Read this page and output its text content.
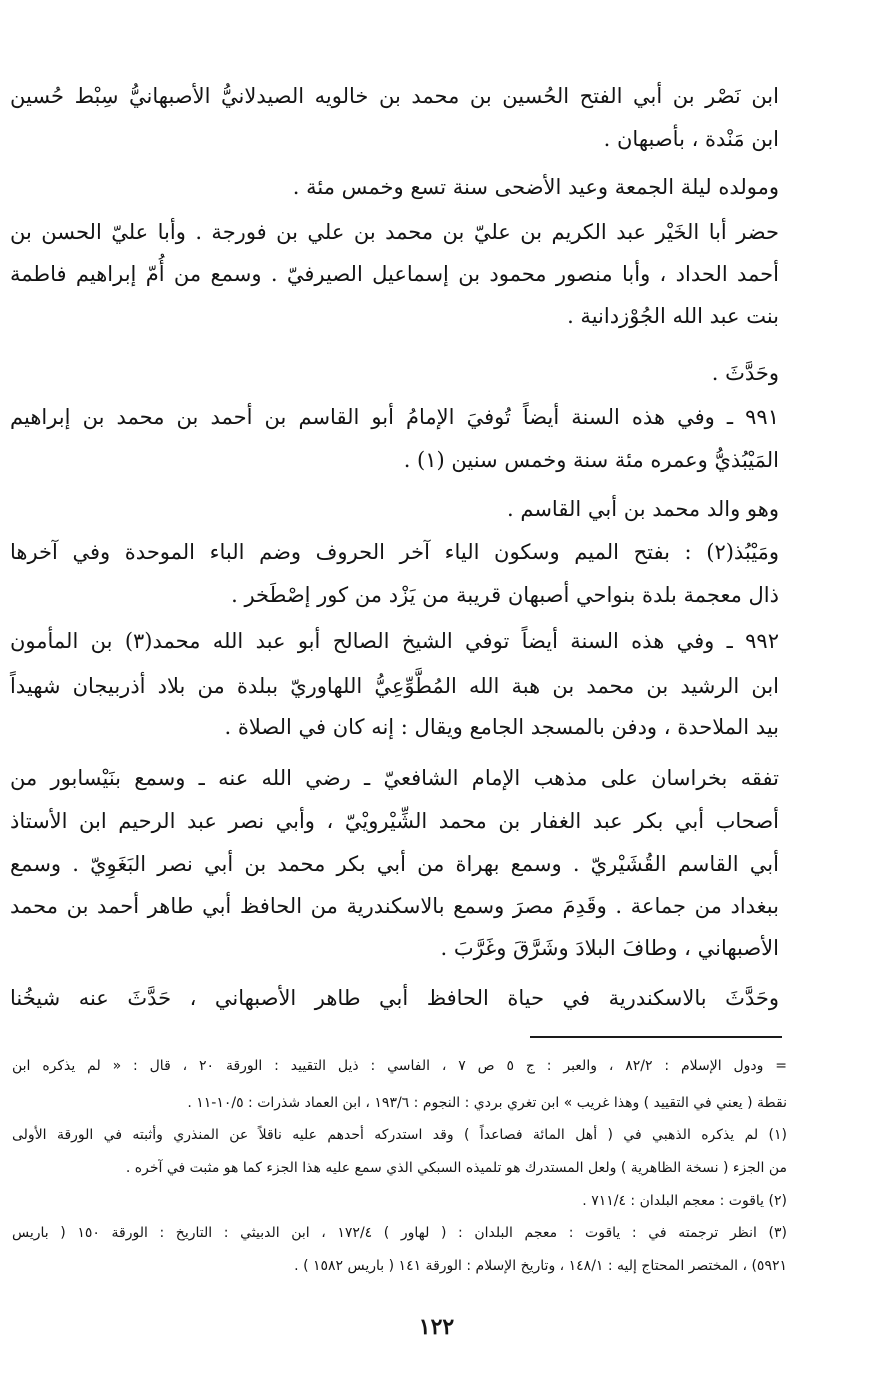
ابن نَصْر بن أبي الفتح الحُسين بن محمد بن خالويه الصيدلانيُّ الأصبهانيُّ سِبْط حُسين
ابن مَنْدة ، بأصبهان .
ومولده ليلة الجمعة وعيد الأضحى سنة تسع وخمس مئة .
حضر أبا الخَيْر عبد الكريم بن عليّ بن محمد بن علي بن فورجة . وأبا عليّ الحسن بن
أحمد الحداد ، وأبا منصور محمود بن إسماعيل الصيرفيّ . وسمع من أُمّ إبراهيم فاطمة
بنت عبد الله الجُوْزدانية .
وحَدَّثَ .
٩٩١ ـ وفي هذه السنة أيضاً تُوفيَ الإمامُ أبو القاسم بن أحمد بن محمد بن إبراهيم
المَيْبُذيُّ وعمره مئة سنة وخمس سنين (١) .
وهو والد محمد بن أبي القاسم .
ومَيْبُذ(٢) : بفتح الميم وسكون الياء آخر الحروف وضم الباء الموحدة وفي آخرها
ذال معجمة بلدة بنواحي أصبهان قريبة من يَزْد من كور إصْطَخر .
٩٩٢ ـ وفي هذه السنة أيضاً توفي الشيخ الصالح أبو عبد الله محمد(٣) بن المأمون
ابن الرشيد بن محمد بن هبة الله المُطَّوِّعِيُّ اللهاوريّ ببلدة من بلاد أذربيجان شهيداً
بيد الملاحدة ، ودفن بالمسجد الجامع ويقال : إنه كان في الصلاة .
تفقه بخراسان على مذهب الإمام الشافعيّ ـ رضي الله عنه ـ وسمع بنَيْسابور من
أصحاب أبي بكر عبد الغفار بن محمد الشِّيْرويْيّ ، وأبي نصر عبد الرحيم ابن الأستاذ
أبي القاسم القُشَيْريّ . وسمع بهراة من أبي بكر محمد بن أبي نصر البَغَوِيّ . وسمع
ببغداد من جماعة . وقَدِمَ مصرَ وسمع بالاسكندرية من الحافظ أبي طاهر أحمد بن محمد
الأصبهاني ، وطافَ البلادَ وشَرَّقَ وغَرَّبَ .
وحَدَّثَ بالاسكندرية في حياة الحافظ أبي طاهر الأصبهاني ، حَدَّثَ عنه شيخُنا
= ودول الإسلام : ٨٢/٢ ، والعبر : ج ٥ ص ٧ ، الفاسي : ذيل التقييد : الورقة ٢٠ ، قال : « لم يذكره ابن
نقطة ( يعني في التقييد ) وهذا غريب » ابن تغري بردي : النجوم : ١٩٣/٦ ، ابن العماد شذرات : ١٠/٥-١١ .
(١) لم يذكره الذهبي في ( أهل المائة فصاعداً ) وقد استدركه أحدهم عليه ناقلاً عن المنذري وأثبته في الورقة الأولى
من الجزء ( نسخة الظاهرية ) ولعل المستدرك هو تلميذه السبكي الذي سمع عليه هذا الجزء كما هو مثبت في آخره .
(٢) ياقوت : معجم البلدان : ٧١١/٤ .
(٣) انظر ترجمته في : ياقوت : معجم البلدان : ( لهاور ) ١٧٢/٤ ، ابن الدبيثي : التاريخ : الورقة ١٥٠ ( باريس
٥٩٢١) ، المختصر المحتاج إليه : ١٤٨/١ ، وتاريخ الإسلام : الورقة ١٤١ ( باريس ١٥٨٢ ) .
١٢٢
